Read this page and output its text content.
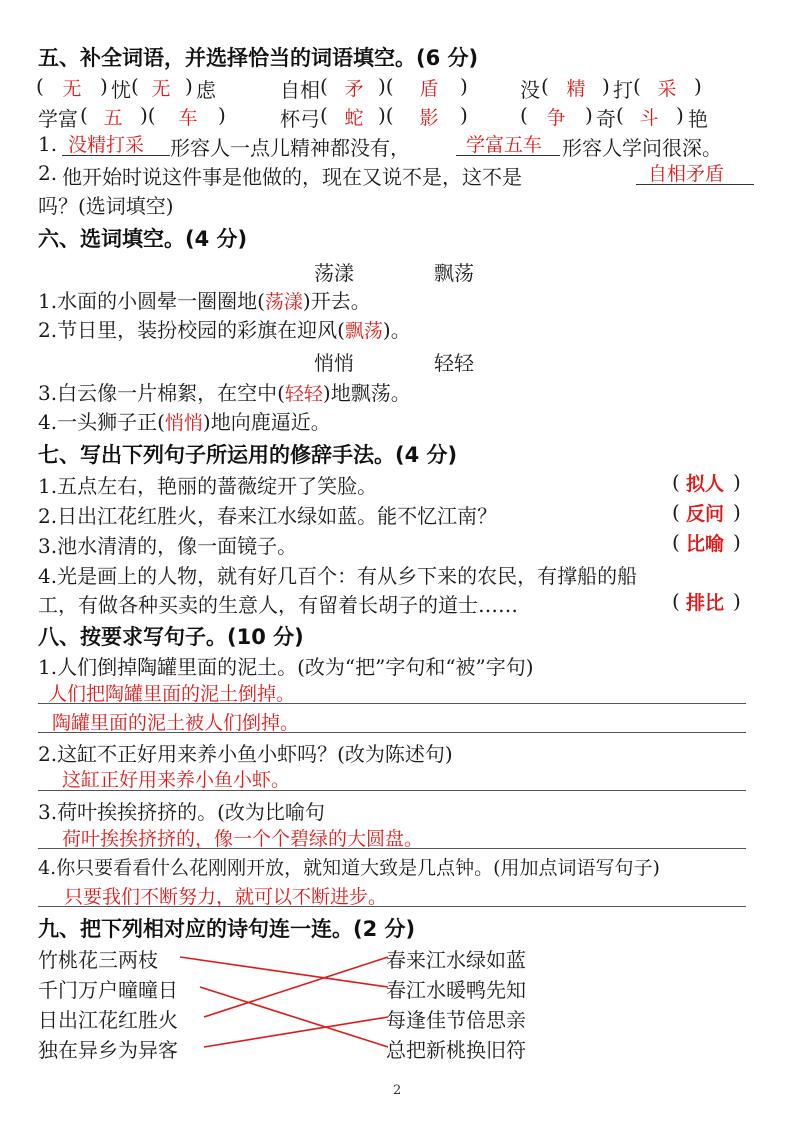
五、补全词语，并选择恰当的词语填空。(6 分)
( 无 ) 忧 ( 无 ) 虑	自相 ( 矛 )(	盾	)	没 ( 精 ) 打 ( 采 )
学富 ( 五 )(	车	)	杯弓 ( 蛇 )(	影	)	( 争 ) 奇 ( 斗 ) 艳
1. 没精打采 形容人一点儿精神都没有，	学富五车 形容人学问很深。
2. 他开始时说这件事是他做的，现在又说不是，这不是	自相矛盾
吗？(选词填空)
六、选词填空。(4 分)
荡漾	飘荡
1.水面的小圆晕一圈圈地(荡漾)开去。
2.节日里，装扮校园的彩旗在迎风(飘荡)。
悄悄	轻轻
3.白云像一片棉絮，在空中(轻轻)地飘荡。
4.一头狮子正(悄悄)地向鹿逼近。
七、写出下列句子所运用的修辞手法。(4 分)
1.五点左右，艳丽的蔷薇绽开了笑脸。	( 拟人 )
2.日出江花红胜火，春来江水绿如蓝。能不忆江南？	( 反问 )
3.池水清清的，像一面镜子。	( 比喻 )
4.光是画上的人物，就有好几百个：有从乡下来的农民，有撑船的船
工，有做各种买卖的生意人，有留着长胡子的道士……	( 排比 )
八、按要求写句子。(10 分)
1.人们倒掉陶罐里面的泥土。(改为“把”字句和“被”字句)
人们把陶罐里面的泥土倒掉。
陶罐里面的泥土被人们倒掉。
2.这缸不正好用来养小鱼小虾吗？(改为陈述句)
这缸正好用来养小鱼小虾。
3.荷叶挨挨挤挤的。(改为比喻句
荷叶挨挨挤挤的，像一个个碧绿的大圆盘。
4.你只要看看什么花刚刚开放，就知道大致是几点钟。(用加点词语写句子)
只要我们不断努力，就可以不断进步。
九、把下列相对应的诗句连一连。(2 分)
竹桃花三两枝
千门万户曈曈日
日出江花红胜火
独在异乡为异客
春来江水绿如蓝
春江水暖鸭先知
每逢佳节倍思亲
总把新桃换旧符
2
